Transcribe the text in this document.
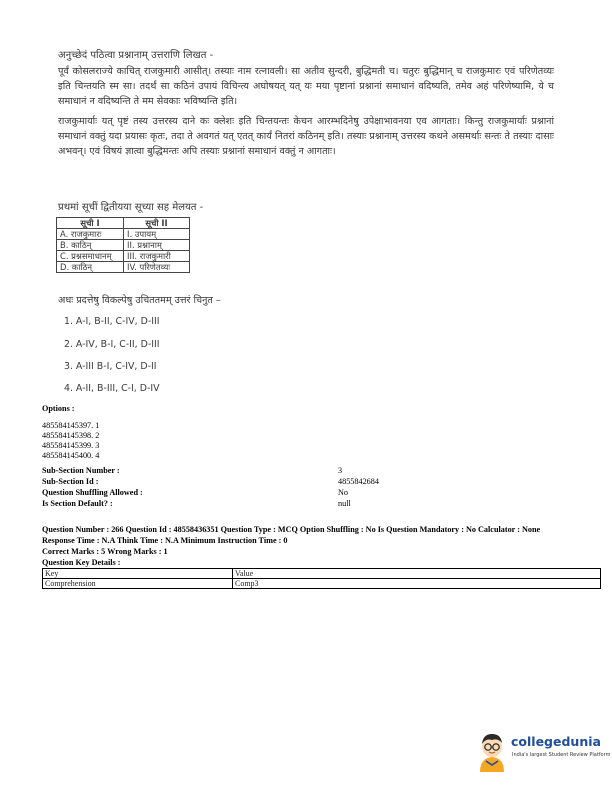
अनुच्छेदं पठित्वा प्रश्नानाम् उत्तराणि लिखत -
पूर्वं कोसलराज्ये काचित् राजकुमारी आसीत्। तस्याः नाम रत्नावली। सा अतीव सुन्दरी, बुद्धिमती च। चतुरः बुद्धिमान् च राजकुमारः एवं परिणेतव्यः इति चिन्तयति स्म सा। तदर्थं सा कठिनं उपायं विचिन्त्य अघोषयत् यत् यः मया पृष्टानां प्रश्नानां समाधानं वदिष्यति, तमेव अहं परिणेष्यामि, ये च समाधानं न वदिष्यन्ति ते मम सेवकाः भविष्यन्ति इति।
राजकुमार्याः यत् पृष्टं तस्य उत्तरस्य दाने कः क्लेशः इति चिन्तयन्तः केचन आरम्भदिनेषु उपेक्षाभावनया एव आगताः। किन्तु राजकुमार्याः प्रश्नानां समाधानं वक्तुं यदा प्रयासः कृतः, तदा ते अवगतं यत् एतत् कार्यं नितरां कठिनम् इति। तस्याः प्रश्नानाम् उत्तरस्य कथने असमर्थाः सन्तः ते तस्याः दासाः अभवन्। एवं विषयं ज्ञात्वा बुद्धिमन्तः अपि तस्याः प्रश्नानां समाधानं वक्तुं न आगताः।
प्रथमां सूचीं द्वितीयया सूच्या सह मेलयत -
सूची I	सूची II
A. राजकुमारः	I. उपायम्
B. काठिन्	II. प्रश्नानाम्
C. प्रश्नसमाधानम्	III. राजकुमारी
D. काठिन्	IV. परिणेतव्यः
अधः प्रदत्तेषु विकल्पेषु उचिततमम् उत्तरं चिनुत –
1. A-I, B-II, C-IV, D-III
2. A-IV, B-I, C-II, D-III
3. A-III B-I, C-IV, D-II
4. A-II, B-III, C-I, D-IV
Options :
485584145397. 1
485584145398. 2
485584145399. 3
485584145400. 4
Sub-Section Number :	3
Sub-Section Id :	4855842684
Question Shuffling Allowed :	No
Is Section Default? :	null
Question Number : 266 Question Id : 48558436351 Question Type : MCQ Option Shuffling : No Is Question Mandatory : No Calculator : None
Response Time : N.A Think Time : N.A Minimum Instruction Time : 0
Correct Marks : 5 Wrong Marks : 1
Question Key Details :
Key	Value
Comprehension	Comp3
collegedunia
India's largest Student Review Platform
